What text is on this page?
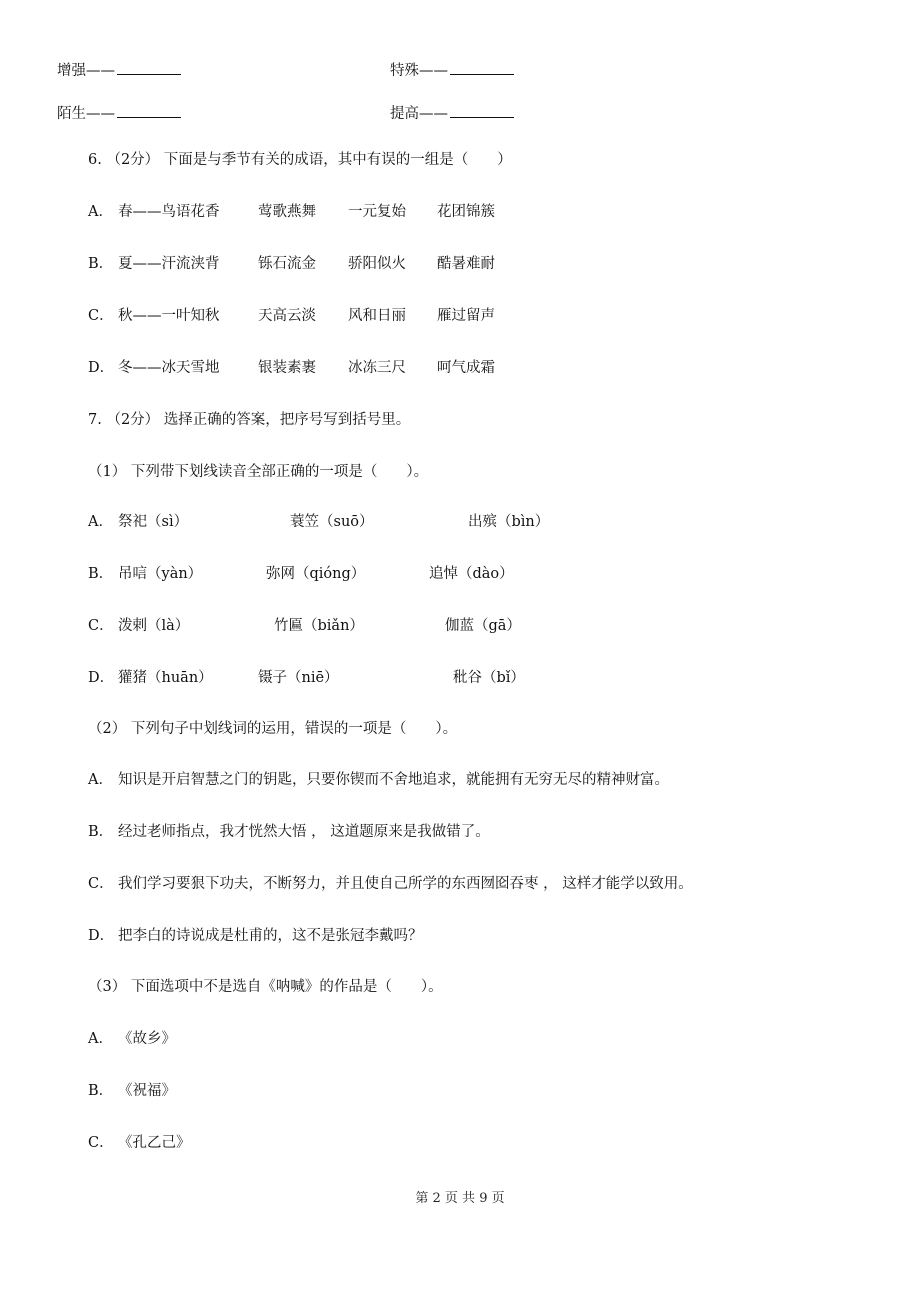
增强——	特殊——
陌生——	提高——
6. （2分） 下面是与季节有关的成语，其中有误的一组是（　　）
A． 春——鸟语花香	莺歌燕舞 一元复始 花团锦簇
B． 夏——汗流浃背	铄石流金 骄阳似火 酷暑难耐
C． 秋——一叶知秋	天高云淡 风和日丽 雁过留声
D． 冬——冰天雪地	银装素裹 冰冻三尺 呵气成霜
7. （2分） 选择正确的答案，把序号写到括号里。
（1） 下列带下划线读音全部正确的一项是（　　）。
A． 祭祀（sì）	蓑笠（suō）	出殡（bìn）
B． 吊唁（yàn）	弥网（qióng）	追悼（dào）
C． 泼剌（là）	竹匾（biǎn）	伽蓝（gā）
D． 獾猪（huān）	镊子（niē）	秕谷（bǐ）
（2） 下列句子中划线词的运用，错误的一项是（　　）。
A． 知识是开启智慧之门的钥匙，只要你锲而不舍地追求，就能拥有无穷无尽的精神财富。
B． 经过老师指点，我才恍然大悟 ， 这道题原来是我做错了。
C． 我们学习要狠下功夫，不断努力，并且使自己所学的东西囫囵吞枣 ， 这样才能学以致用。
D． 把李白的诗说成是杜甫的，这不是张冠李戴吗？
（3） 下面选项中不是选自《呐喊》的作品是（　　）。
A． 《故乡》
B． 《祝福》
C． 《孔乙己》
第 2 页 共 9 页
